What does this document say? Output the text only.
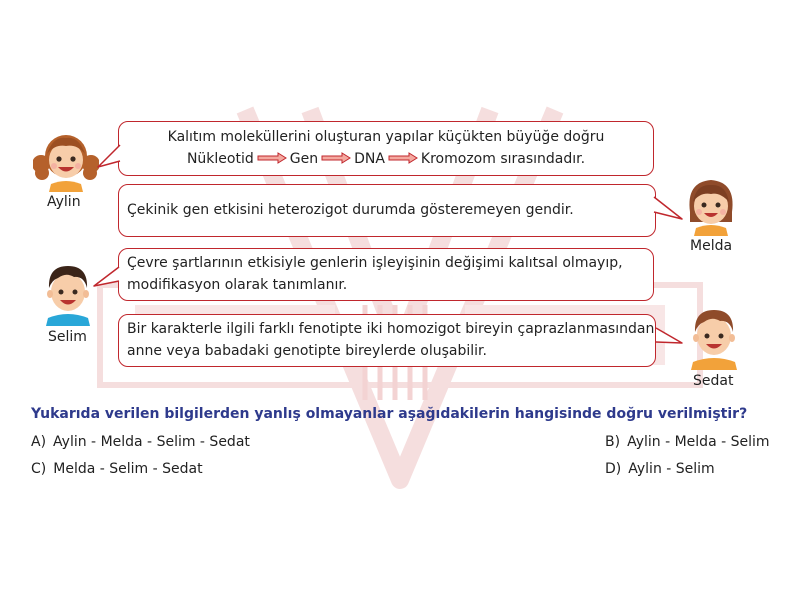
Aylin
Kalıtım moleküllerini oluşturan yapılar küçükten büyüğe doğru
Nükleotid	Gen	DNA	Kromozom sırasındadır.
Melda
Çekinik gen etkisini heterozigot durumda gösteremeyen gendir.
Selim
Çevre şartlarının etkisiyle genlerin işleyişinin değişimi kalıtsal olmayıp,
modifikasyon olarak tanımlanır.
Sedat
Bir karakterle ilgili farklı fenotipte iki homozigot bireyin çaprazlanmasından
anne veya babadaki genotipte bireylerde oluşabilir.
Yukarıda verilen bilgilerden yanlış olmayanlar aşağıdakilerin hangisinde doğru verilmiştir?
A) Aylin - Melda - Selim - Sedat	B) Aylin - Melda - Selim
C) Melda - Selim - Sedat	D) Aylin - Selim
